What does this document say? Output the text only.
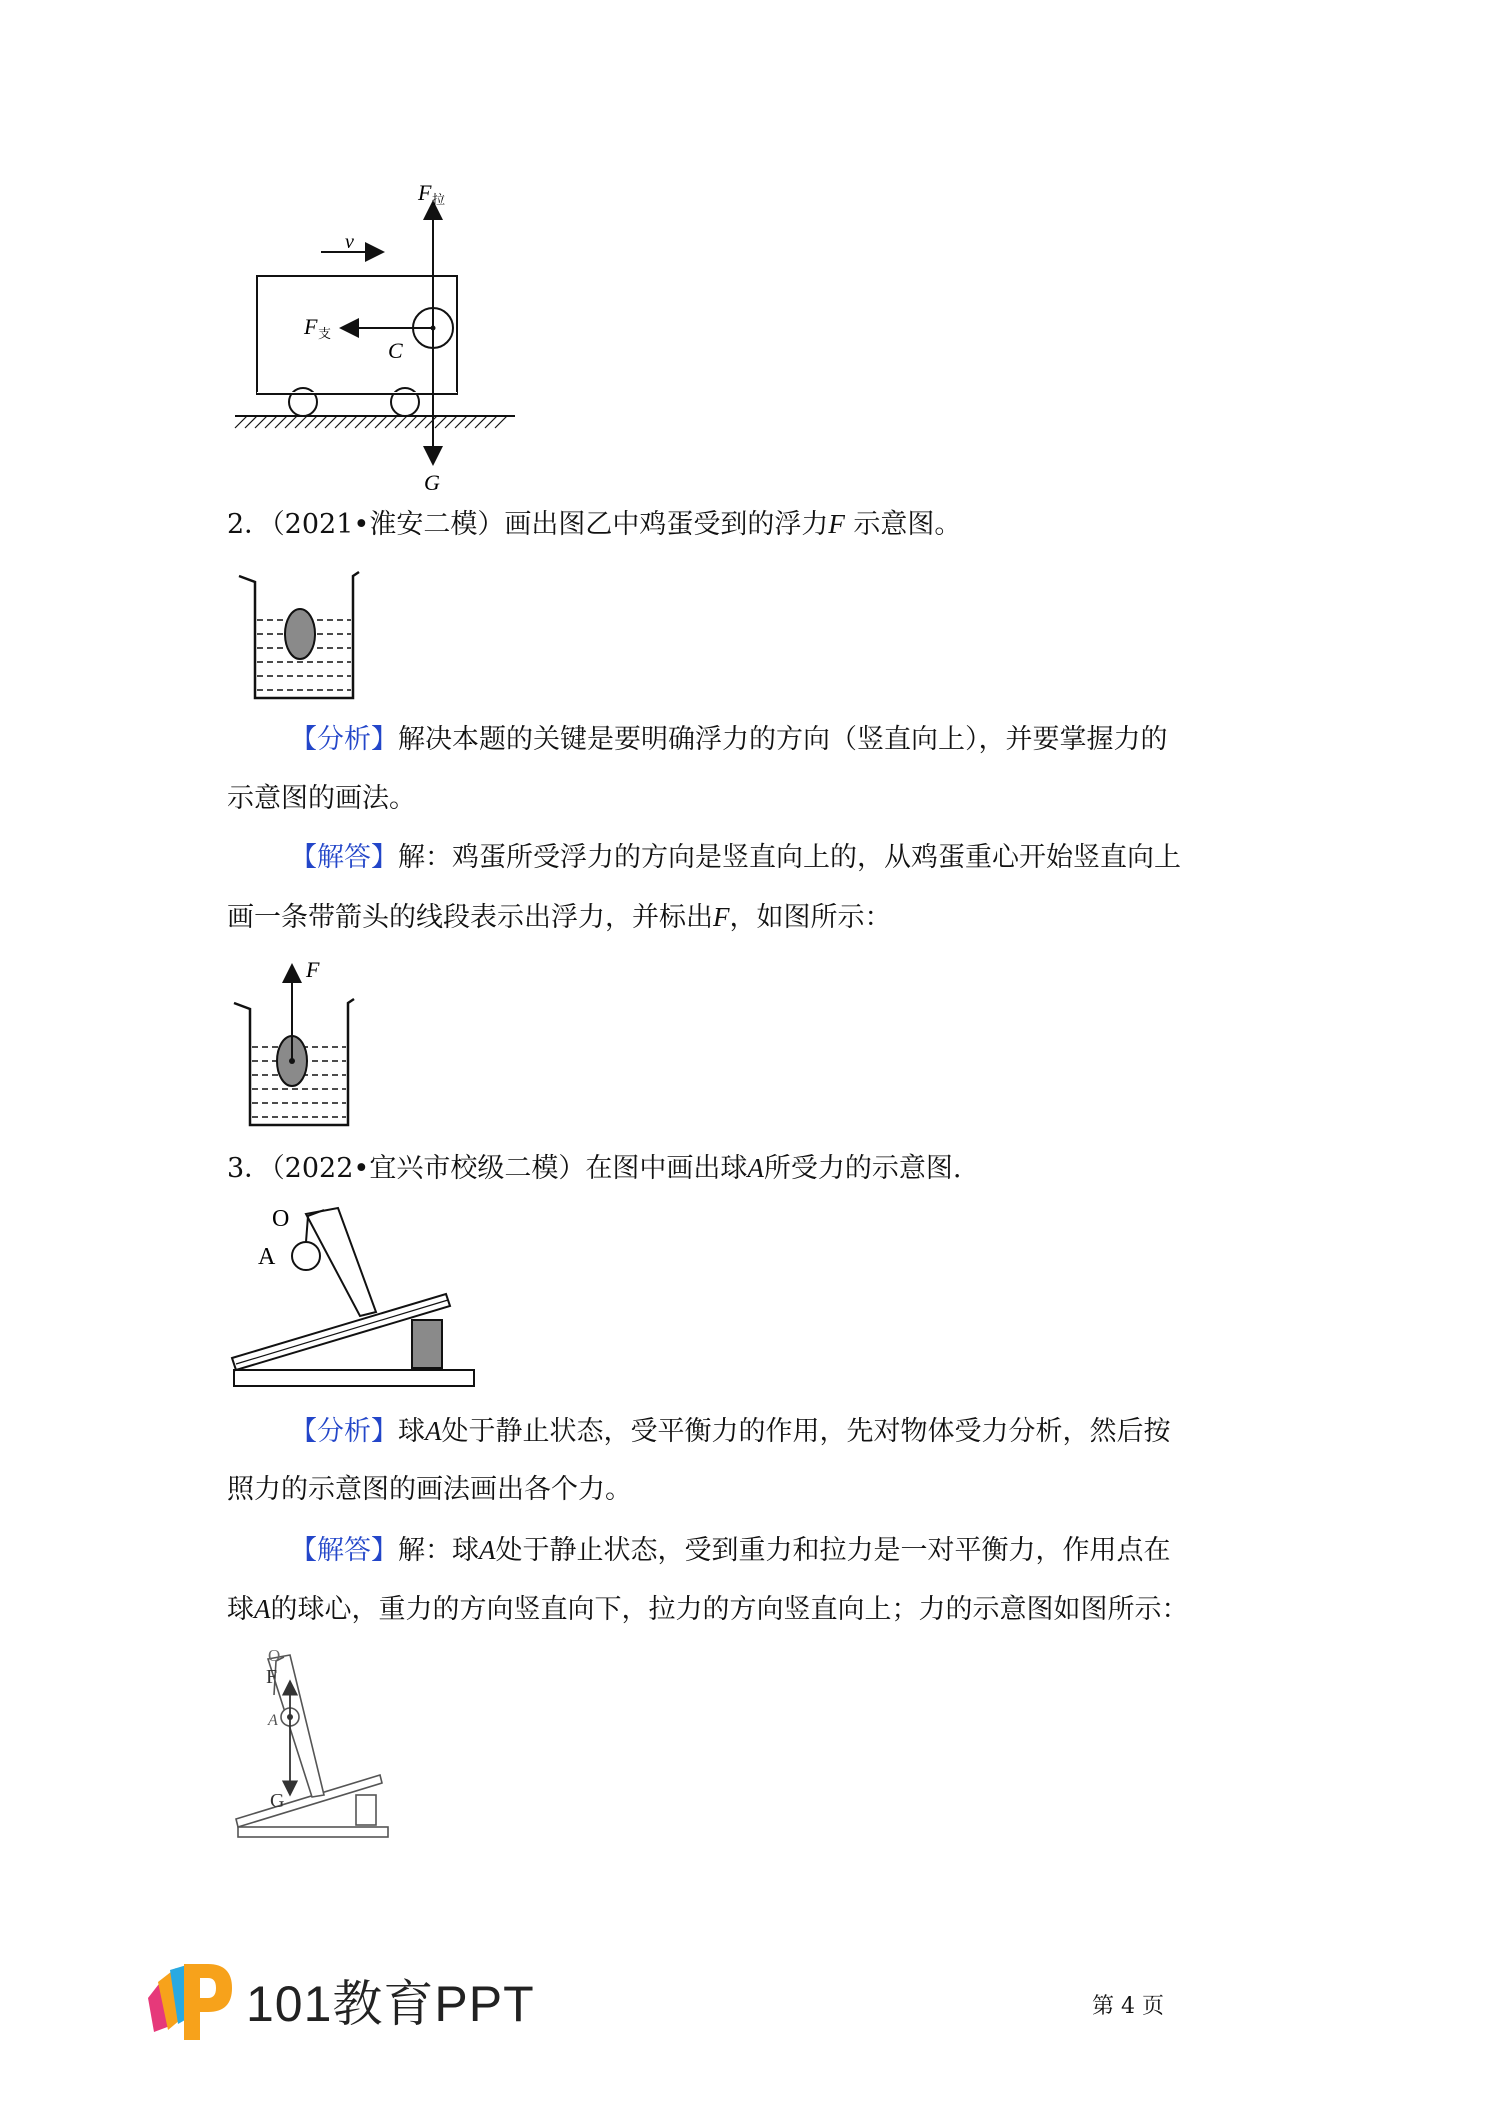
F 拉
v
F 支
C
G
2．（2021•淮安二模）画出图乙中鸡蛋受到的浮力F 示意图。
【分析】解决本题的关键是要明确浮力的方向（竖直向上），并要掌握力的
示意图的画法。
【解答】解：鸡蛋所受浮力的方向是竖直向上的，从鸡蛋重心开始竖直向上
画一条带箭头的线段表示出浮力，并标出F，如图所示：
F
3．（2022•宜兴市校级二模）在图中画出球A所受力的示意图.
O
A
【分析】球A处于静止状态，受平衡力的作用，先对物体受力分析，然后按
照力的示意图的画法画出各个力。
【解答】解：球A处于静止状态，受到重力和拉力是一对平衡力，作用点在
球A的球心，重力的方向竖直向下，拉力的方向竖直向上；力的示意图如图所示：
O
F
A
G
101教育PPT	第 4 页
